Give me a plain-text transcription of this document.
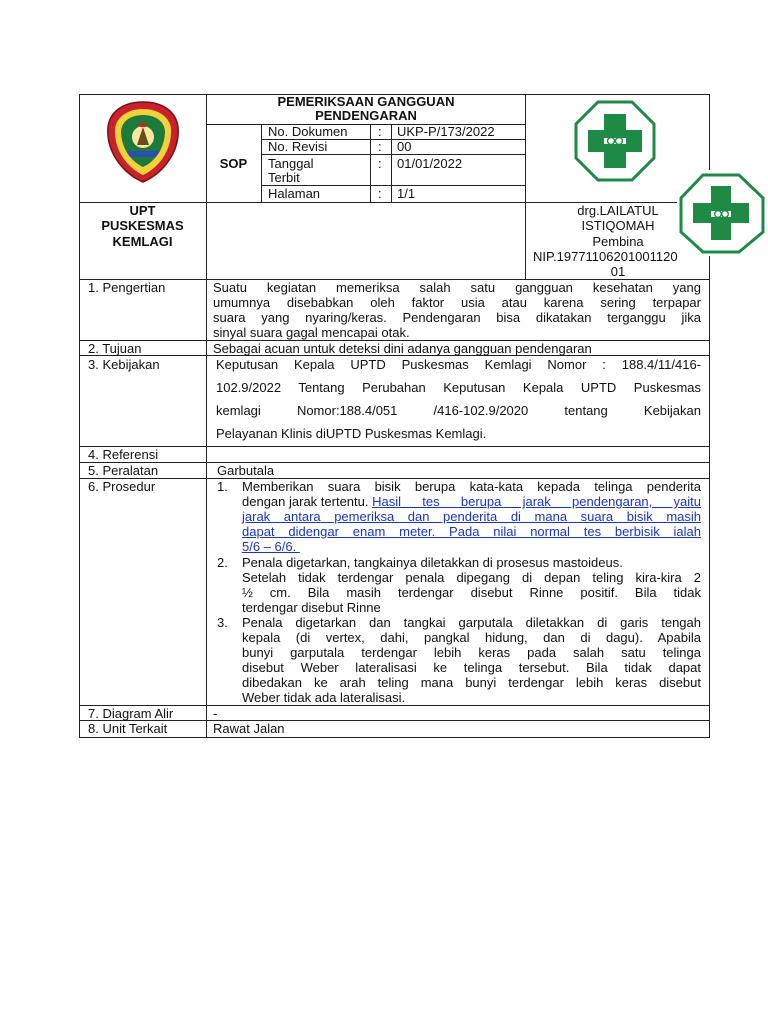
PEMERIKSAAN GANGGUAN
PENDENGARAN
SOP
No. Dokumen : UKP-P/173/2022
No. Revisi	: 00
Tanggal
Terbit
: 01/01/2022
Halaman	: 1/1
UPT
PUSKESMAS
KEMLAGI
drg.LAILATUL
ISTIQOMAH
Pembina
NIP.19771106201001120
01
1. Pengertian	Suatu kegiatan memeriksa salah satu gangguan kesehatan yang
umumnya disebabkan oleh faktor usia atau karena sering terpapar
suara yang nyaring/keras. Pendengaran bisa dikatakan terganggu jika
sinyal suara gagal mencapai otak.
2. Tujuan	Sebagai acuan untuk deteksi dini adanya gangguan pendengaran
3. Kebijakan	Keputusan Kepala UPTD Puskesmas Kemlagi Nomor : 188.4/11/416-
102.9/2022 Tentang Perubahan Keputusan Kepala UPTD Puskesmas
kemlagi Nomor:188.4/051 /416-102.9/2020 tentang Kebijakan
Pelayanan Klinis diUPTD Puskesmas Kemlagi.
4. Referensi
5. Peralatan	Garbutala
6. Prosedur	1. Memberikan suara bisik berupa kata-kata kepada telinga penderita
dengan jarak tertentu. Hasil tes berupa jarak pendengaran, yaitu
jarak antara pemeriksa dan penderita di mana suara bisik masih
dapat didengar enam meter. Pada nilai normal tes berbisik ialah
5/6 – 6/6.
2. Penala digetarkan, tangkainya diletakkan di prosesus mastoideus.
Setelah tidak terdengar penala dipegang di depan teling kira-kira 2
½ cm. Bila masih terdengar disebut Rinne positif. Bila tidak
terdengar disebut Rinne
3. Penala digetarkan dan tangkai garputala diletakkan di garis tengah
kepala (di vertex, dahi, pangkal hidung, dan di dagu). Apabila
bunyi garputala terdengar lebih keras pada salah satu telinga
disebut Weber lateralisasi ke telinga tersebut. Bila tidak dapat
dibedakan ke arah teling mana bunyi terdengar lebih keras disebut
Weber tidak ada lateralisasi.
7. Diagram Alir	-
8. Unit Terkait	Rawat Jalan
